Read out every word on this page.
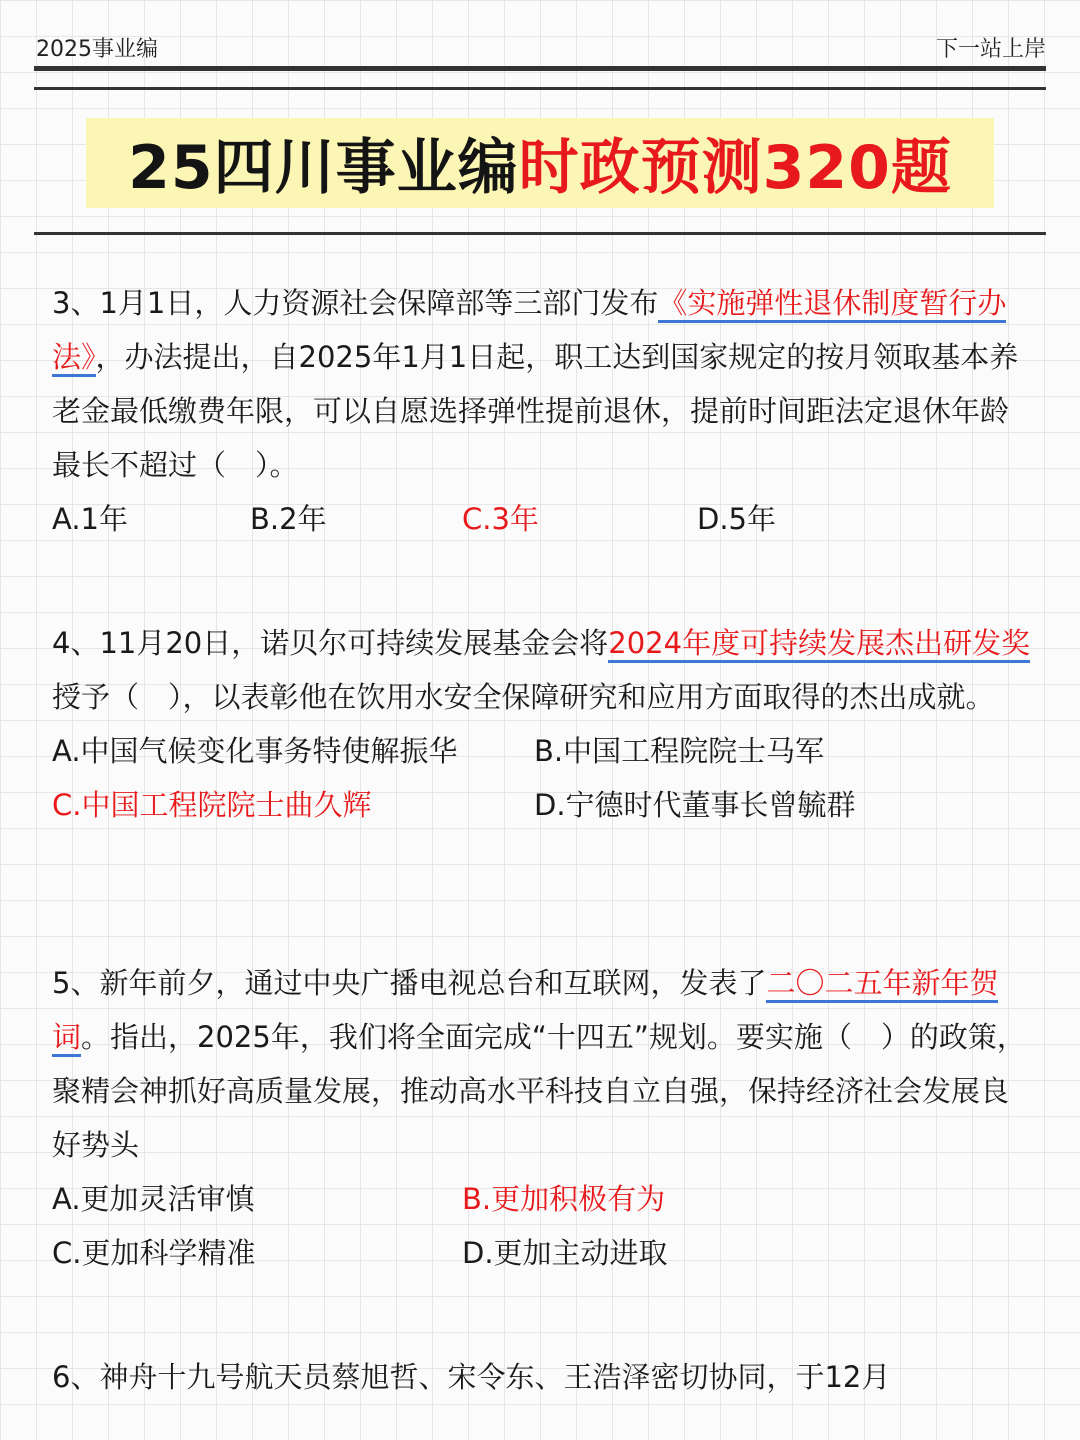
2025事业编	下一站上岸
25四川事业编 时政预测320题
3、1月1日，人力资源社会保障部等三部门发布《实施弹性退休制度暂行办法》，办法提出，自2025年1月1日起，职工达到国家规定的按月领取基本养老金最低缴费年限，可以自愿选择弹性提前退休，提前时间距法定退休年龄最长不超过（　）。
A.1年	B.2年	C.3年	D.5年
4、11月20日，诺贝尔可持续发展基金会将2024年度可持续发展杰出研发奖授予（　），以表彰他在饮用水安全保障研究和应用方面取得的杰出成就。
A.中国气候变化事务特使解振华	B.中国工程院院士马军
C.中国工程院院士曲久辉	D.宁德时代董事长曾毓群
5、新年前夕，通过中央广播电视总台和互联网，发表了二〇二五年新年贺词。指出，2025年，我们将全面完成“十四五”规划。要实施（　）的政策，聚精会神抓好高质量发展，推动高水平科技自立自强，保持经济社会发展良好势头
A.更加灵活审慎	B.更加积极有为
C.更加科学精准	D.更加主动进取
6、神舟十九号航天员蔡旭哲、宋令东、王浩泽密切协同，于12月
